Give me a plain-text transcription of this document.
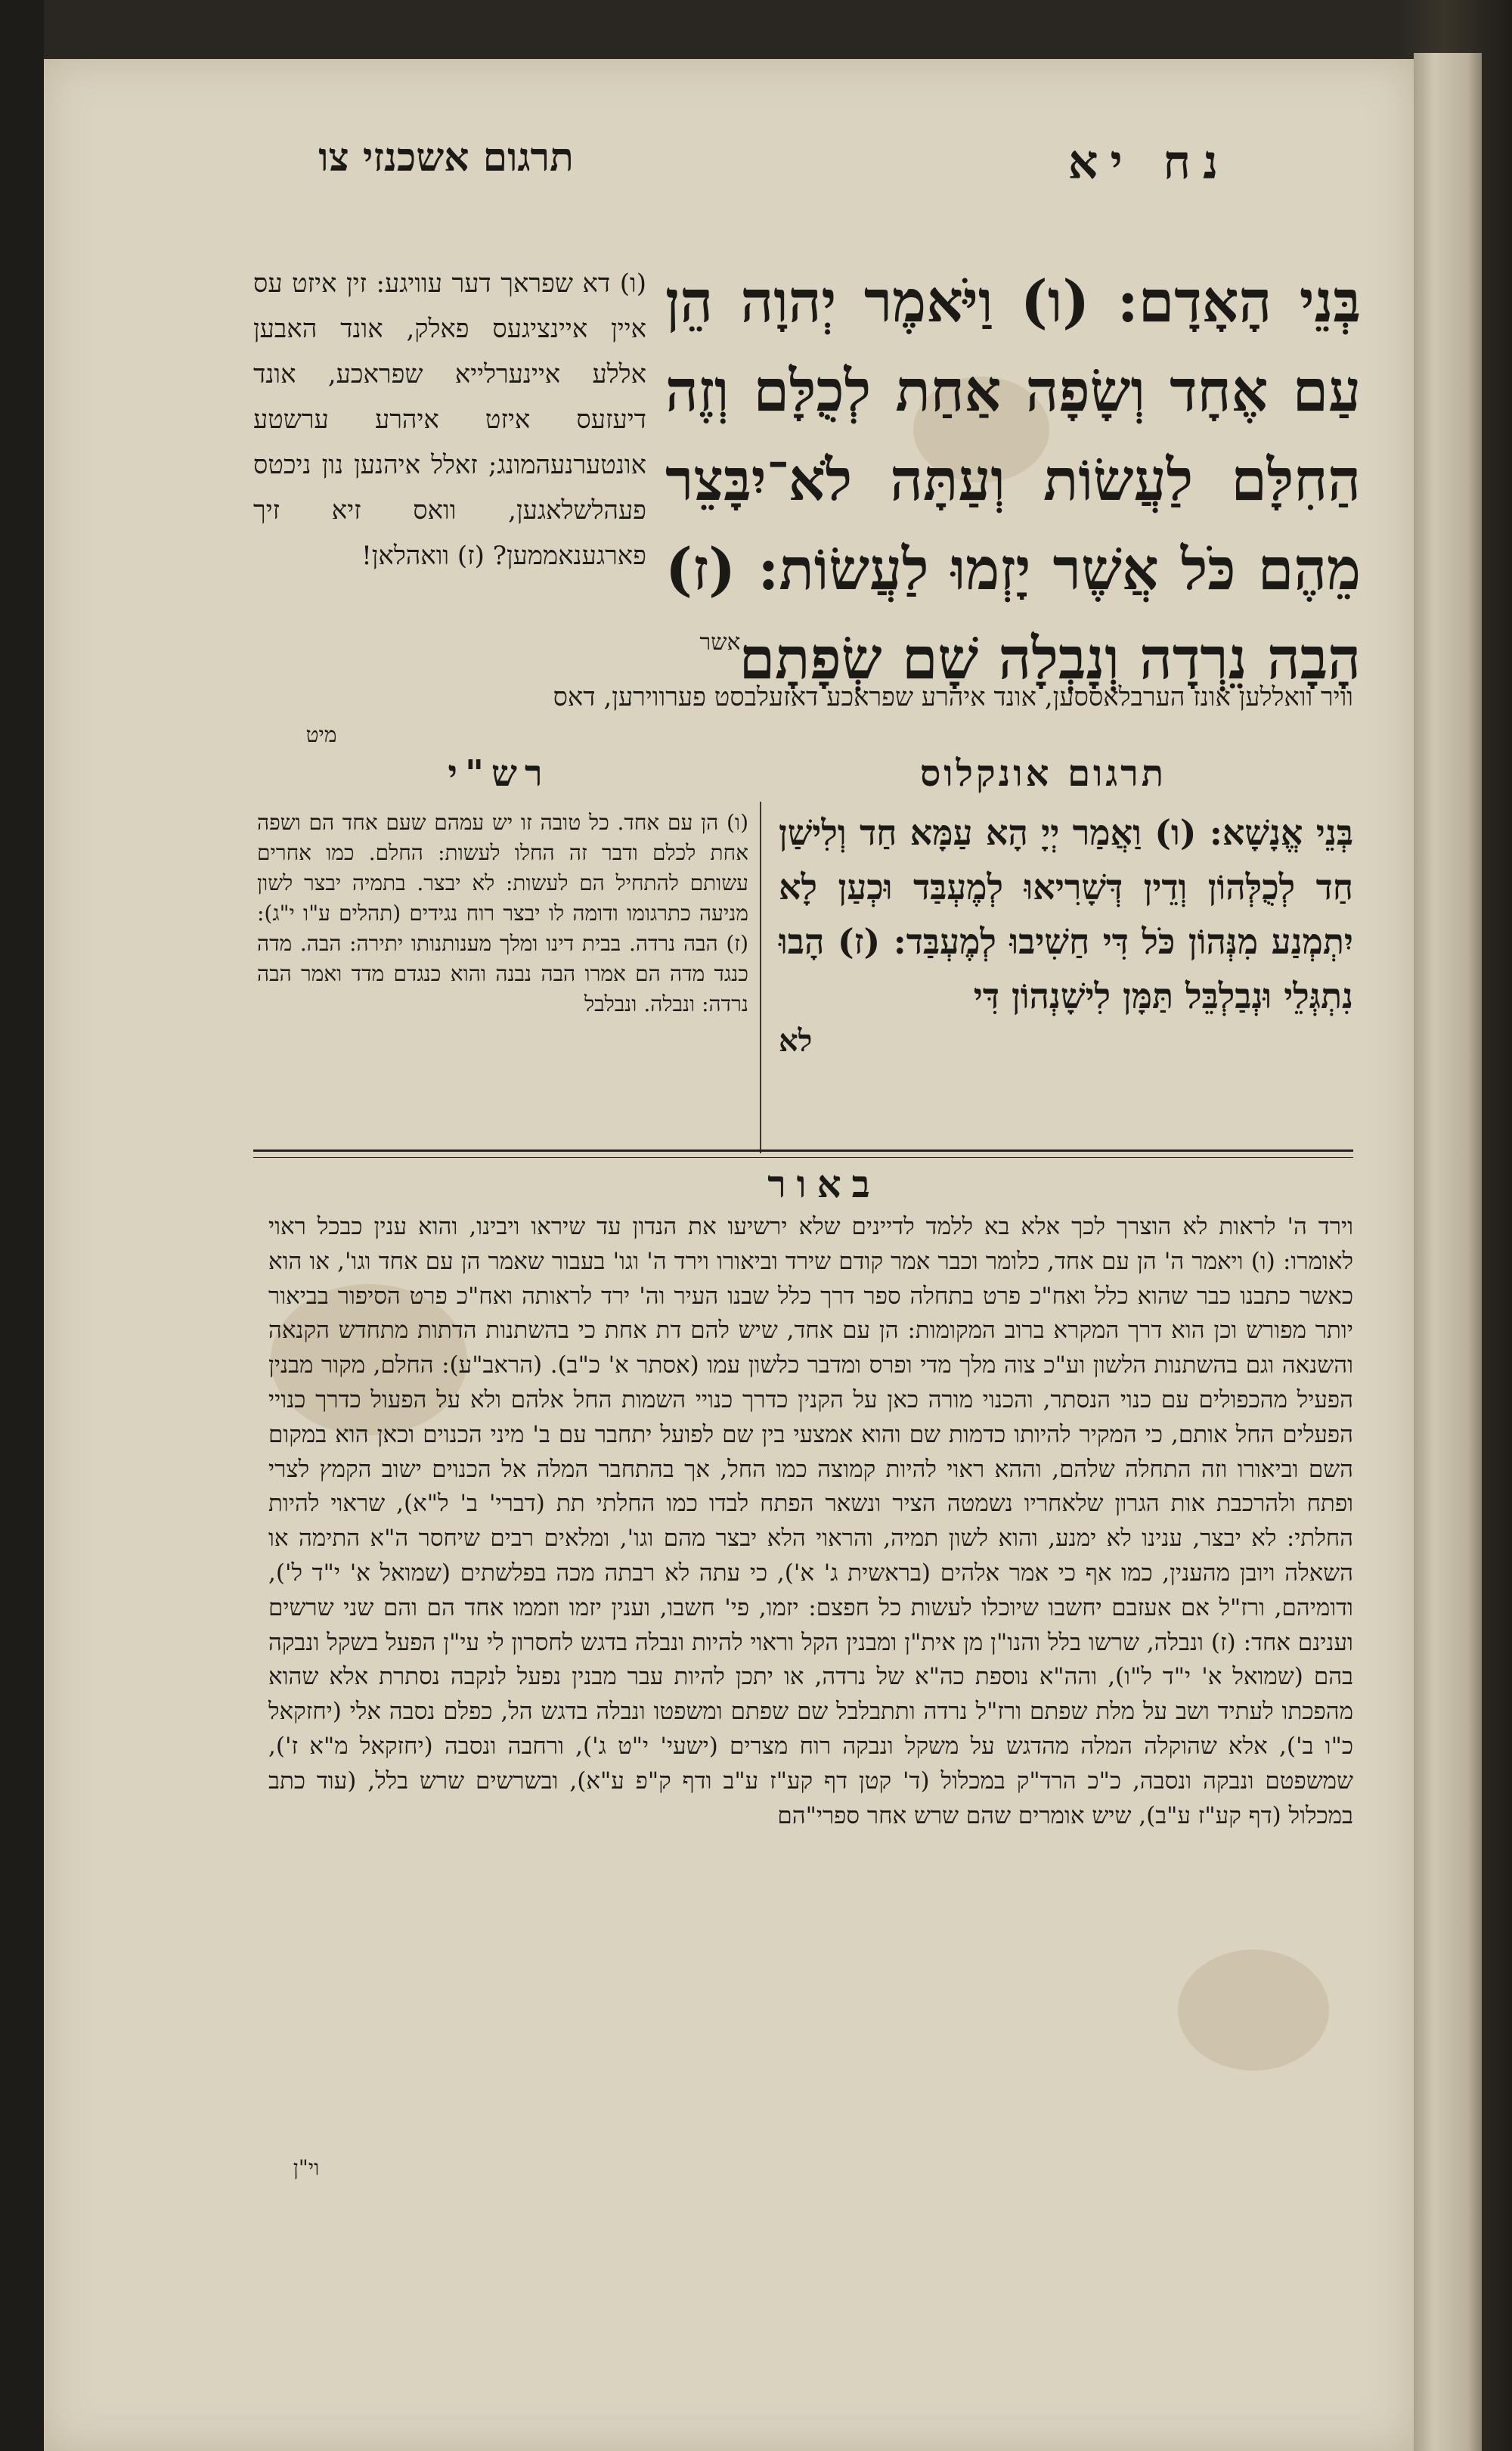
נח יא
תרגום אשכנזי צו
בְּנֵי הָאָדָם: (ו) וַיֹּאמֶר יְהוָה הֵן עַם אֶחָד וְשָׂפָה אַחַת לְכֻלָּם וְזֶה הַחִלָּם לַעֲשׂוֹת וְעַתָּה לֹא־יִבָּצֵר מֵהֶם כֹּל אֲשֶׁר יָזְמוּ לַעֲשׂוֹת: (ז) הָבָה נֵרְדָה וְנָבְלָה שָׁם שְׂפָתָם
אשר
(ו) דא שפראך דער עוויגע: זין איזט עס איין איינציגעס פאלק, אונד האבען אללע איינערלייא שפראכע, אונד דיעזעס איזט איהרע ערשטע אונטערנעהמונג; זאלל איהנען נון ניכטס פעהלשלאגען, וואס זיא זיך פארגענאממען? (ז) וואהלאן!
וויר וואללען אונז הערבלאססען, אונד איהרע שפראכע דאזעלבסט פערווירען, דאס
מיט
תרגום אונקלוס
רש"י
בְּנֵי אֱנָשָׁא: (ו) וַאֲמַר יְיָ הָא עַמָּא חַד וְלִישַׁן חַד לְכֻלְּהוֹן וְדֵין דְּשָׁרִיאוּ לְמֶעְבַּד וּכְעַן לָא יִתְמְנַע מִנְּהוֹן כֹּל דִּי חַשִׁיבוּ לְמֶעְבַּד: (ז) הָבוּ נִתְגְּלֵי וּנְבַלְבֵּל תַּמָּן לִישָׁנְהוֹן דִּי
לא
(ו) הן עם אחד. כל טובה זו יש עמהם שעם אחד הם ושפה אחת לכלם ודבר זה החלו לעשות: החלם. כמו אחרים עשותם להתחיל הם לעשות: לא יבצר. בתמיה יבצר לשון מניעה כתרגומו ודומה לו יבצר רוח נגידים (תהלים ע"ו י"ג): (ז) הבה נרדה. בבית דינו ומלך מענותנותו יתירה: הבה. מדה כנגד מדה הם אמרו הבה נבנה והוא כנגדם מדד ואמר הבה נרדה: ונבלה. ונבלבל
באור
וירד ה' לראות לא הוצרך לכך אלא בא ללמד לדיינים שלא ירשיעו את הנדון עד שיראו ויבינו, והוא ענין כבכל ראוי לאומרו: (ו) ויאמר ה' הן עם אחד, כלומר וכבר אמר קודם שירד וביאורו וירד ה' וגו' בעבור שאמר הן עם אחד וגו', או הוא כאשר כתבנו כבר שהוא כלל ואח"כ פרט בתחלה ספר דרך כלל שבנו העיר וה' ירד לראותה ואח"כ פרט הסיפור בביאור יותר מפורש וכן הוא דרך המקרא ברוב המקומות: הן עם אחד, שיש להם דת אחת כי בהשתנות הדתות מתחדש הקנאה והשנאה וגם בהשתנות הלשון וע"כ צוה מלך מדי ופרס ומדבר כלשון עמו (אסתר א' כ"ב). (הראב"ע): החלם, מקור מבנין הפעיל מהכפולים עם כנוי הנסתר, והכנוי מורה כאן על הקנין כדרך כנויי השמות החל אלהם ולא על הפעול כדרך כנויי הפעלים החל אותם, כי המקיר להיותו כדמות שם והוא אמצעי בין שם לפועל יתחבר עם ב' מיני הכנוים וכאן הוא במקום השם וביאורו וזה התחלה שלהם, וההא ראוי להיות קמוצה כמו החל, אך בהתחבר המלה אל הכנוים ישוב הקמץ לצרי ופתח ולהרכבת אות הגרון שלאחריו נשמטה הציר ונשאר הפתח לבדו כמו החלתי תת (דברי' ב' ל"א), שראוי להיות החלתי: לא יבצר, ענינו לא ימנע, והוא לשון תמיה, והראוי הלא יבצר מהם וגו', ומלאים רבים שיחסר ה"א התימה או השאלה ויובן מהענין, כמו אף כי אמר אלהים (בראשית ג' א'), כי עתה לא רבתה מכה בפלשתים (שמואל א' י"ד ל'), ודומיהם, ורז"ל אם אעזבם יחשבו שיוכלו לעשות כל חפצם: יזמו, פי' חשבו, וענין יזמו וזממו אחד הם והם שני שרשים וענינם אחד: (ז) ונבלה, שרשו בלל והנו"ן מן אית"ן ומבנין הקל וראוי להיות ונבלה בדגש לחסרון לי עי"ן הפעל בשקל ונבקה בהם (שמואל א' י"ד ל"ו), והה"א נוספת כה"א של נרדה, או יתכן להיות עבר מבנין נפעל לנקבה נסתרת אלא שהוא מהפכתו לעתיד ושב על מלת שפתם ורז"ל נרדה ותתבלבל שם שפתם ומשפטו ונבלה בדגש הל, כפלם נסבה אלי (יחזקאל כ"ו ב'), אלא שהוקלה המלה מהדגש על משקל ונבקה רוח מצרים (ישעי' י"ט ג'), ורחבה ונסבה (יחזקאל מ"א ז'), שמשפטם ונבקה ונסבה, כ"כ הרד"ק במכלול (ד' קטן דף קע"ז ע"ב ודף ק"פ ע"א), ובשרשים שרש בלל, (עוד כתב במכלול (דף קע"ז ע"ב), שיש אומרים שהם שרש אחר ספרי"הם
וי"ן
